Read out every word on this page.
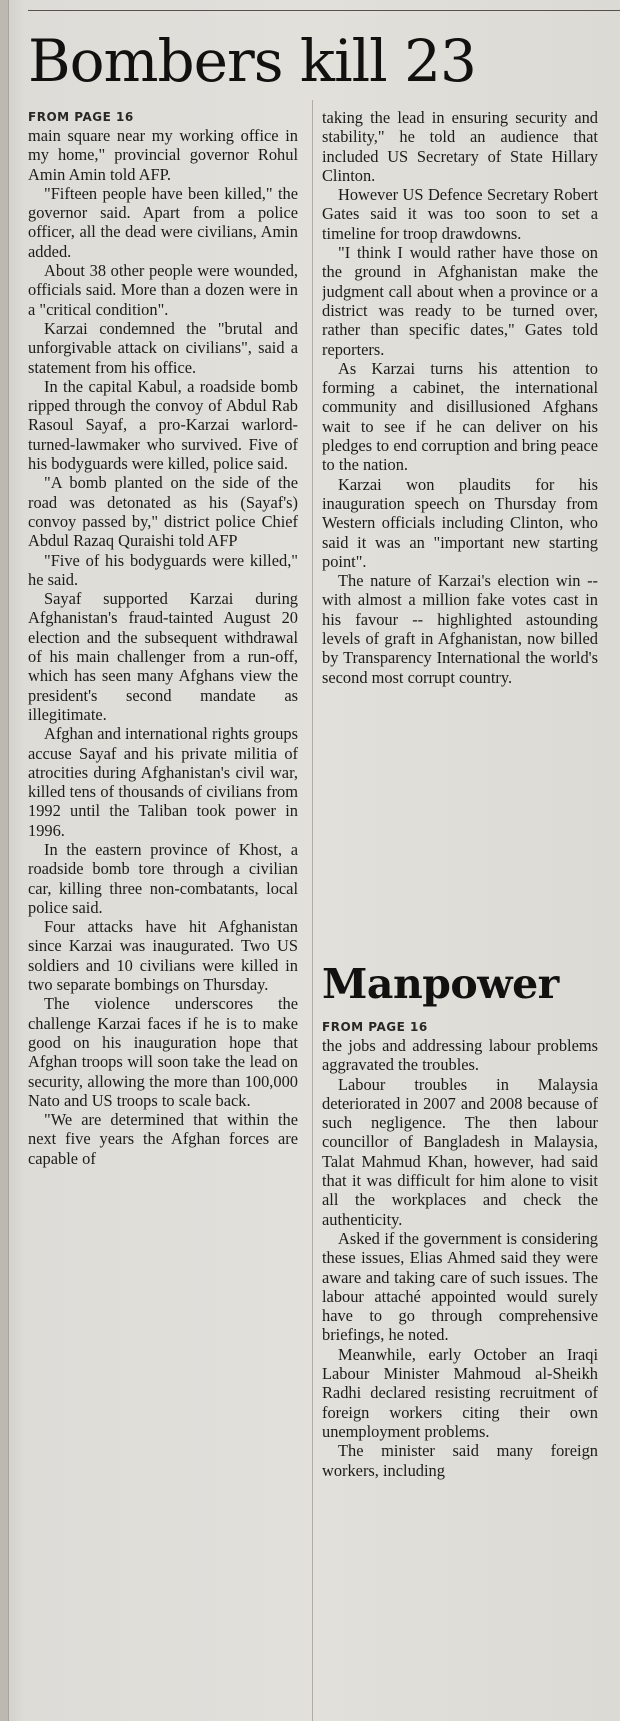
Bombers kill 23
FROM PAGE 16

main square near my working office in my home," provincial governor Rohul Amin Amin told AFP.

"Fifteen people have been killed," the governor said. Apart from a police officer, all the dead were civilians, Amin added.

About 38 other people were wounded, officials said. More than a dozen were in a "critical condition".

Karzai condemned the "brutal and unforgivable attack on civilians", said a statement from his office.

In the capital Kabul, a roadside bomb ripped through the convoy of Abdul Rab Rasoul Sayaf, a pro-Karzai warlord-turned-lawmaker who survived. Five of his bodyguards were killed, police said.

"A bomb planted on the side of the road was detonated as his (Sayaf's) convoy passed by," district police Chief Abdul Razaq Quraishi told AFP

"Five of his bodyguards were killed," he said.

Sayaf supported Karzai during Afghanistan's fraud-tainted August 20 election and the subsequent withdrawal of his main challenger from a run-off, which has seen many Afghans view the president's second mandate as illegitimate.

Afghan and international rights groups accuse Sayaf and his private militia of atrocities during Afghanistan's civil war, killed tens of thousands of civilians from 1992 until the Taliban took power in 1996.

In the eastern province of Khost, a roadside bomb tore through a civilian car, killing three non-combatants, local police said.

Four attacks have hit Afghanistan since Karzai was inaugurated. Two US soldiers and 10 civilians were killed in two separate bombings on Thursday.

The violence underscores the challenge Karzai faces if he is to make good on his inauguration hope that Afghan troops will soon take the lead on security, allowing the more than 100,000 Nato and US troops to scale back.

"We are determined that within the next five years the Afghan forces are capable of

taking the lead in ensuring security and stability," he told an audience that included US Secretary of State Hillary Clinton.

However US Defence Secretary Robert Gates said it was too soon to set a timeline for troop drawdowns.

"I think I would rather have those on the ground in Afghanistan make the judgment call about when a province or a district was ready to be turned over, rather than specific dates," Gates told reporters.

As Karzai turns his attention to forming a cabinet, the international community and disillusioned Afghans wait to see if he can deliver on his pledges to end corruption and bring peace to the nation.

Karzai won plaudits for his inauguration speech on Thursday from Western officials including Clinton, who said it was an "important new starting point".

The nature of Karzai's election win -- with almost a million fake votes cast in his favour -- highlighted astounding levels of graft in Afghanistan, now billed by Transparency International the world's second most corrupt country.

Manpower
FROM PAGE 16

the jobs and addressing labour problems aggravated the troubles.

Labour troubles in Malaysia deteriorated in 2007 and 2008 because of such negligence. The then labour councillor of Bangladesh in Malaysia, Talat Mahmud Khan, however, had said that it was difficult for him alone to visit all the workplaces and check the authenticity.

Asked if the government is considering these issues, Elias Ahmed said they were aware and taking care of such issues. The labour attaché appointed would surely have to go through comprehensive briefings, he noted.

Meanwhile, early October an Iraqi Labour Minister Mahmoud al-Sheikh Radhi declared resisting recruitment of foreign workers citing their own unemployment problems.

The minister said many foreign workers, including
